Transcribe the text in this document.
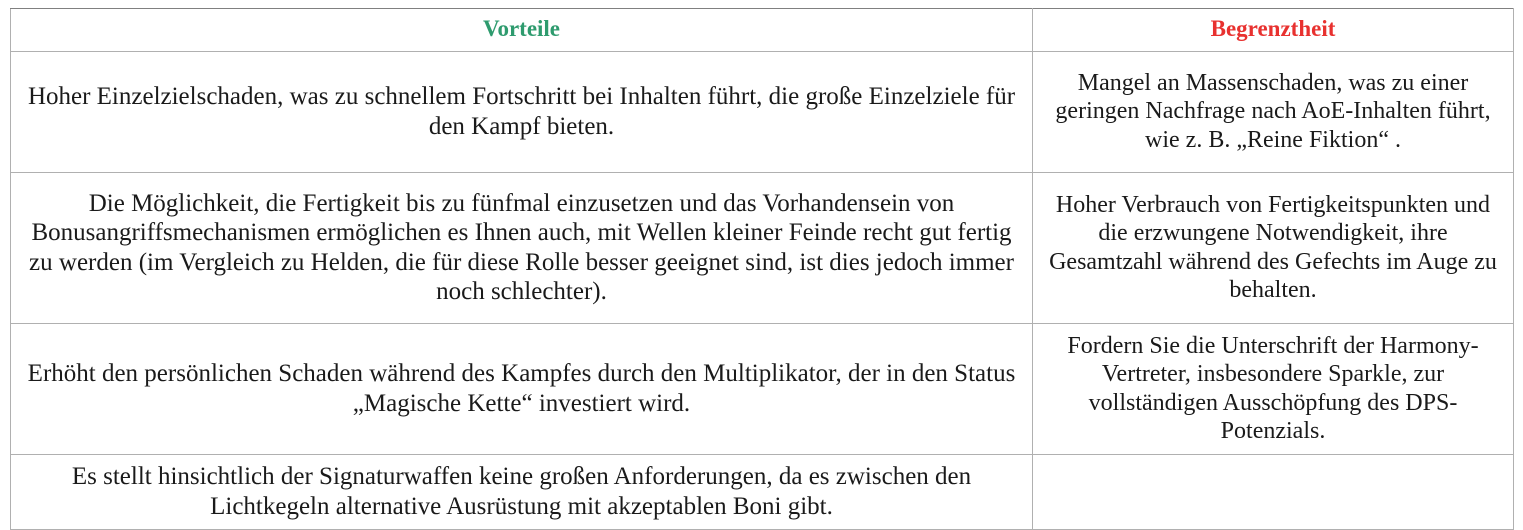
Vorteile	Begrenztheit
Hoher Einzelzielschaden, was zu schnellem Fortschritt bei Inhalten führt, die große Einzelziele für den Kampf bieten.	Mangel an Massenschaden, was zu einer geringen Nachfrage nach AoE-Inhalten führt, wie z. B. „Reine Fiktion“ .
Die Möglichkeit, die Fertigkeit bis zu fünfmal einzusetzen und das Vorhandensein von Bonusangriffsmechanismen ermöglichen es Ihnen auch, mit Wellen kleiner Feinde recht gut fertig zu werden (im Vergleich zu Helden, die für diese Rolle besser geeignet sind, ist dies jedoch immer noch schlechter).	Hoher Verbrauch von Fertigkeitspunkten und die erzwungene Notwendigkeit, ihre Gesamtzahl während des Gefechts im Auge zu behalten.
Erhöht den persönlichen Schaden während des Kampfes durch den Multiplikator, der in den Status „Magische Kette“ investiert wird.	Fordern Sie die Unterschrift der Harmony-Vertreter, insbesondere Sparkle, zur vollständigen Ausschöpfung des DPS-Potenzials.
Es stellt hinsichtlich der Signaturwaffen keine großen Anforderungen, da es zwischen den Lichtkegeln alternative Ausrüstung mit akzeptablen Boni gibt.	
